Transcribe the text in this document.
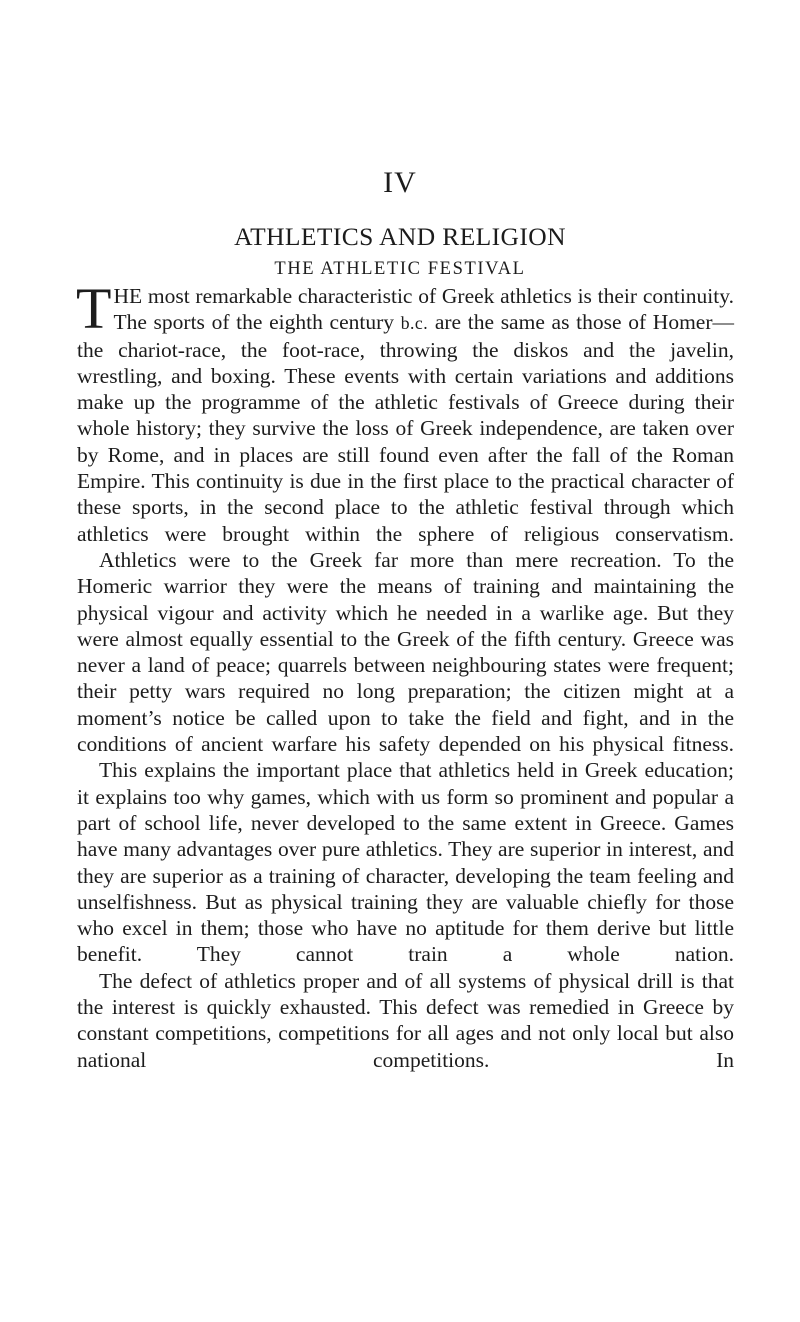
IV
ATHLETICS AND RELIGION
THE ATHLETIC FESTIVAL

THE most remarkable characteristic of Greek athletics is their continuity. The sports of the eighth century b.c. are the same as those of Homer—the chariot-race, the foot-race, throwing the diskos and the javelin, wrestling, and boxing. These events with certain variations and additions make up the programme of the athletic festivals of Greece during their whole history; they survive the loss of Greek independence, are taken over by Rome, and in places are still found even after the fall of the Roman Empire. This continuity is due in the first place to the practical character of these sports, in the second place to the athletic festival through which athletics were brought within the sphere of religious conservatism.

Athletics were to the Greek far more than mere recreation. To the Homeric warrior they were the means of training and maintaining the physical vigour and activity which he needed in a warlike age. But they were almost equally essential to the Greek of the fifth century. Greece was never a land of peace; quarrels between neighbouring states were frequent; their petty wars required no long preparation; the citizen might at a moment’s notice be called upon to take the field and fight, and in the conditions of ancient warfare his safety depended on his physical fitness.

This explains the important place that athletics held in Greek education; it explains too why games, which with us form so prominent and popular a part of school life, never developed to the same extent in Greece. Games have many advantages over pure athletics. They are superior in interest, and they are superior as a training of character, developing the team feeling and unselfishness. But as physical training they are valuable chiefly for those who excel in them; those who have no aptitude for them derive but little benefit. They cannot train a whole nation.

The defect of athletics proper and of all systems of physical drill is that the interest is quickly exhausted. This defect was remedied in Greece by constant competitions, competitions for all ages and not only local but also national competitions. In
